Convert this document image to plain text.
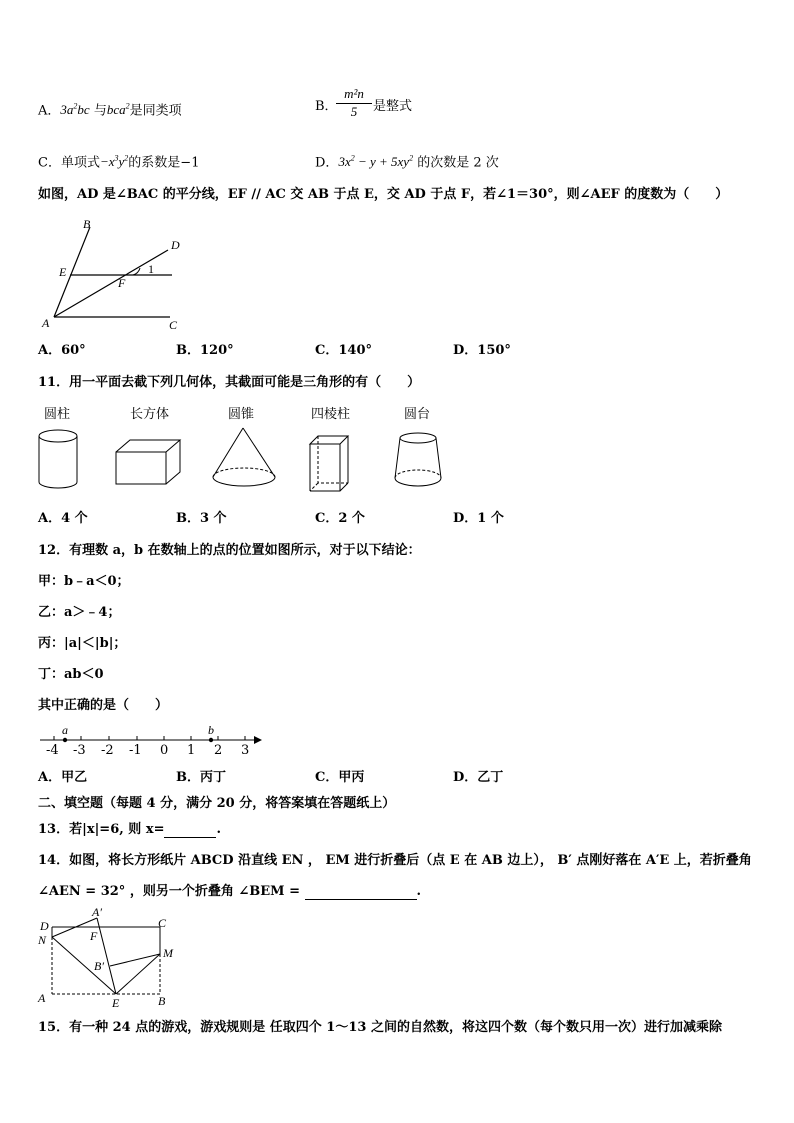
A．$3a^2bc$ 与bca$^2$是同类项	B．
m²n
5	是整式
C．单项式$-x^3y^2$的系数是−1	D．$3x^2 - y + 5xy^2$ 的次数是 2 次
如图，AD 是∠BAC 的平分线，EF // AC 交 AB 于点 E，交 AD 于点 F，若∠1＝30°，则∠AEF 的度数为（　　）
B
D
E	1
F
A	C
A．60°	B．120°	C．140°	D．150°
11．用一平面去截下列几何体，其截面可能是三角形的有（　　）
圆柱	长方体	圆锥	四棱柱	圆台
A．4 个	B．3 个	C．2 个	D．1 个
12．有理数 a，b 在数轴上的点的位置如图所示，对于以下结论：
甲：b﹣a＜0；
乙：a＞﹣4；
丙：|a|＜|b|；
丁：ab＜0
其中正确的是（　　）
a	b
-4 -3 -2 -1 0 1 2 3
A．甲乙	B．丙丁	C．甲丙	D．乙丁
二、填空题（每题 4 分，满分 20 分，将答案填在答题纸上）
13．若|x|=6, 则 x=	.
14．如图，将长方形纸片 ABCD 沿直线 EN ， EM 进行折叠后（点 E 在 AB 边上）， B′ 点刚好落在 A′E 上，若折叠角
∠AEN = 32° ，则另一个折叠角 ∠BEM =	.
A′
D	C
F
N
M
B′
A	E	B
15．有一种 24 点的游戏，游戏规则是 任取四个 1～13 之间的自然数，将这四个数（每个数只用一次）进行加减乘除
